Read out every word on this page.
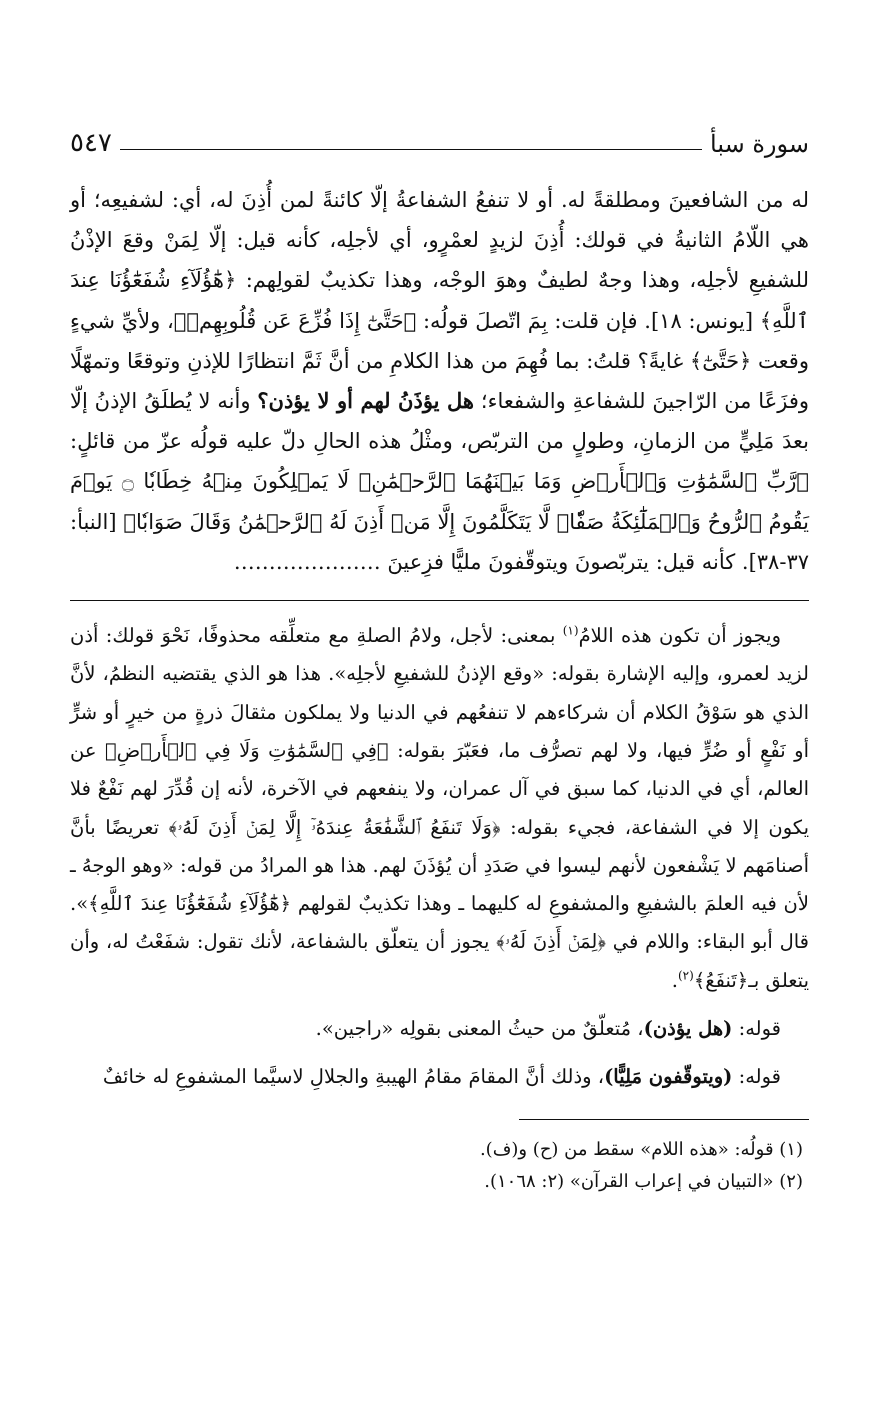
سورة سبأ
٥٤٧

له من الشافعينَ ومطلقةً له. أو لا تنفعُ الشفاعةُ إلّا كائنةً لمن أُذِنَ له، أي: لشفيعِه؛ أو هي اللّامُ الثانيةُ في قولك: أُذِنَ لزيدٍ لعمْرٍو، أي لأجلِه، كأنه قيل: إلّا لِمَنْ وقعَ الإذْنُ للشفيعِ لأجلِه، وهذا وجهٌ لطيفٌ وهوَ الوجْه، وهذا تكذيبٌ لقولِهم: ﴿هَٰٓؤُلَآءِ شُفَعَٰٓؤُنَا عِندَ ٱللَّهِ﴾ [يونس: ١٨]. فإن قلت: بِمَ اتّصلَ قولُه: ﴿حَتَّىٰٓ إِذَا فُزِّعَ عَن قُلُوبِهِمۡ﴾، ولأيِّ شيءٍ وقعت ﴿حَتَّىٰٓ﴾ غايةً؟ قلتُ: بما فُهِمَ من هذا الكلامِ من أنَّ ثَمَّ انتظارًا للإذنِ وتوقعًا وتمهّلًا وفزَعًا من الرّاجينَ للشفاعةِ والشفعاء؛ هل يؤذَنُ لهم أو لا يؤذن؟ وأنه لا يُطلَقُ الإذنُ إلّا بعدَ مَلِيٍّ من الزمانِ، وطولٍ من التربّص، ومثْلُ هذه الحالِ دلّ عليه قولُه عزّ من قائلٍ: ﴿رَّبِّ ٱلسَّمَٰوَٰتِ وَٱلۡأَرۡضِ وَمَا بَيۡنَهُمَا ٱلرَّحۡمَٰنِۖ لَا يَمۡلِكُونَ مِنۡهُ خِطَابٗا ۝ يَوۡمَ يَقُومُ ٱلرُّوحُ وَٱلۡمَلَٰٓئِكَةُ صَفّٗاۖ لَّا يَتَكَلَّمُونَ إِلَّا مَنۡ أَذِنَ لَهُ ٱلرَّحۡمَٰنُ وَقَالَ صَوَابٗا﴾ [النبأ: ٣٧-٣٨]. كأنه قيل: يتربّصونَ ويتوقّفونَ مليًّا فزِعينَ …………………

ويجوز أن تكون هذه اللامُ$^{(١)}$ بمعنى: لأجل، ولامُ الصلةِ مع متعلِّقه محذوفًا، نَحْوَ قولك: أذن لزيد لعمرو، وإليه الإشارة بقوله: «وقع الإذنُ للشفيعِ لأجلِه». هذا هو الذي يقتضيه النظمُ، لأنَّ الذي هو سَوْقُ الكلام أن شركاءهم لا تنفعُهم في الدنيا ولا يملكون مثقالَ ذرةٍ من خيرٍ أو شرٍّ أو نَفْعٍ أو ضُرٍّ فيها، ولا لهم تصرُّف ما، فعَبّرَ بقوله: ﴿فِي ٱلسَّمَٰوَٰتِ وَلَا فِي ٱلۡأَرۡضِ﴾ عن العالم، أي في الدنيا، كما سبق في آل عمران، ولا ينفعهم في الآخرة، لأنه إن قُدِّرَ لهم نَفْعٌ فلا يكون إلا في الشفاعة، فجيء بقوله: ﴿وَلَا تَنفَعُ ٱلشَّفَٰعَةُ عِندَهُۥٓ إِلَّا لِمَنۡ أَذِنَ لَهُۥ﴾ تعريضًا بأنَّ أصنامَهم لا يَشْفعون لأنهم ليسوا في صَدَدِ أن يُؤذَنَ لهم. هذا هو المرادُ من قوله: «وهو الوجهُ ـ لأن فيه العلمَ بالشفيعِ والمشفوعِ له كليهما ـ وهذا تكذيبٌ لقولهم ﴿هَٰٓؤُلَآءِ شُفَعَٰٓؤُنَا عِندَ ٱللَّهِ﴾». قال أبو البقاء: واللام في ﴿لِمَنۡ أَذِنَ لَهُۥ﴾ يجوز أن يتعلّق بالشفاعة، لأنك تقول: شفَعْتُ له، وأن يتعلق بـ﴿تَنفَعُ﴾$^{(٢)}$.

قوله: (هل يؤذن)، مُتعلّقٌ من حيثُ المعنى بقولِه «راجين».

قوله: (ويتوقّفون مَلِيًّا)، وذلك أنَّ المقامَ مقامُ الهيبةِ والجلالِ لاسيَّما المشفوعِ له خائفٌ

(١) قولُه: «هذه اللام» سقط من (ح) و(ف).

(٢) «التبيان في إعراب القرآن» (٢: ١٠٦٨).
